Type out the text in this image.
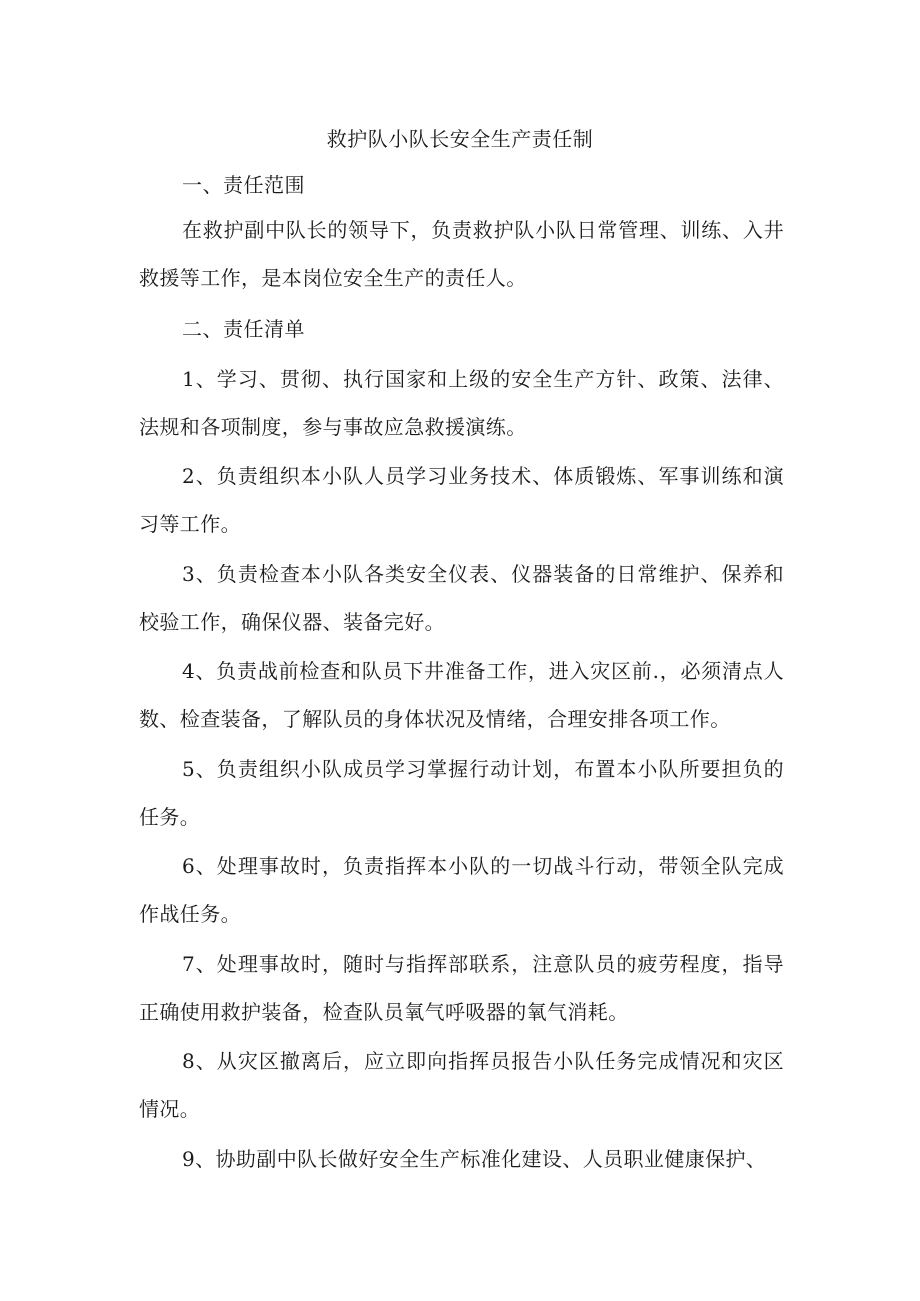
救护队小队长安全生产责任制
一、责任范围
在救护副中队长的领导下，负责救护队小队日常管理、训练、入井救援等工作，是本岗位安全生产的责任人。
二、责任清单
1、学习、贯彻、执行国家和上级的安全生产方针、政策、法律、法规和各项制度，参与事故应急救援演练。
2、负责组织本小队人员学习业务技术、体质锻炼、军事训练和演习等工作。
3、负责检查本小队各类安全仪表、仪器装备的日常维护、保养和校验工作，确保仪器、装备完好。
4、负责战前检查和队员下井准备工作，进入灾区前.，必须清点人数、检查装备，了解队员的身体状况及情绪，合理安排各项工作。
5、负责组织小队成员学习掌握行动计划，布置本小队所要担负的任务。
6、处理事故时，负责指挥本小队的一切战斗行动，带领全队完成作战任务。
7、处理事故时，随时与指挥部联系，注意队员的疲劳程度，指导正确使用救护装备，检查队员氧气呼吸器的氧气消耗。
8、从灾区撤离后，应立即向指挥员报告小队任务完成情况和灾区情况。
9、协助副中队长做好安全生产标准化建设、人员职业健康保护、
